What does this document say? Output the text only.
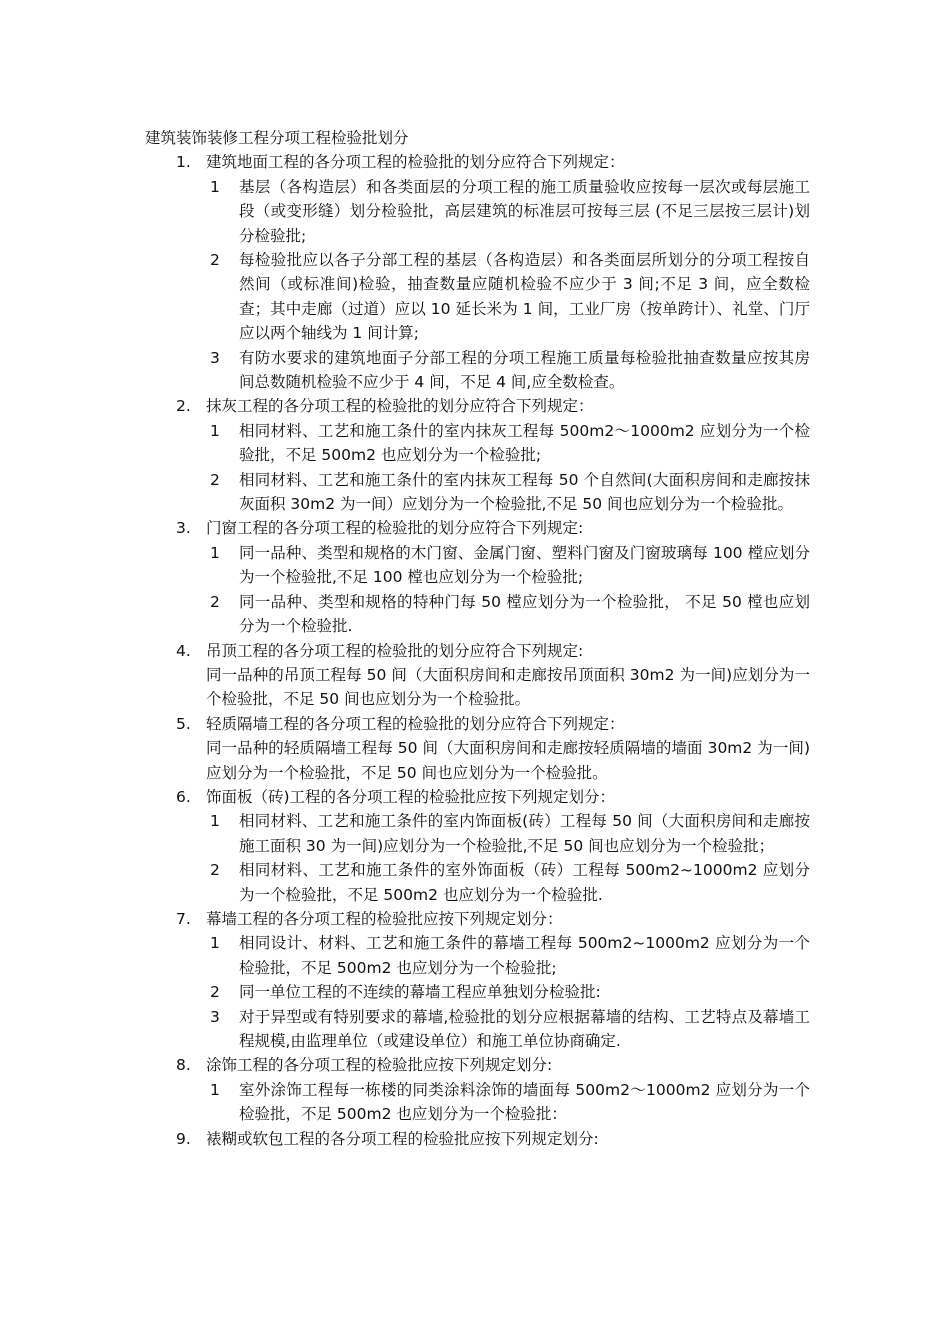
建筑装饰装修工程分项工程检验批划分
1. 建筑地面工程的各分项工程的检验批的划分应符合下列规定：
1	基层（各构造层）和各类面层的分项工程的施工质量验收应按每一层次或每层施工段（或变形缝）划分检验批，高层建筑的标准层可按每三层 (不足三层按三层计)划分检验批;
2	每检验批应以各子分部工程的基层（各构造层）和各类面层所划分的分项工程按自然间（或标准间)检验，抽查数量应随机检验不应少于 3 间;不足 3 间，应全数检查；其中走廊（过道）应以 10 延长米为 1 间，工业厂房（按单跨计）、礼堂、门厅应以两个轴线为 1 间计算;
3	有防水要求的建筑地面子分部工程的分项工程施工质量每检验批抽查数量应按其房间总数随机检验不应少于 4 间，不足 4 间,应全数检查。
2. 抹灰工程的各分项工程的检验批的划分应符合下列规定：
1	相同材料、工艺和施工条什的室内抹灰工程每 500m2～1000m2 应划分为一个检验批，不足 500m2 也应划分为一个检验批;
2	相同材料、工艺和施工条什的室内抹灰工程每 50 个自然间(大面积房间和走廊按抹灰面积 30m2 为一间）应划分为一个检验批,不足 50 间也应划分为一个检验批。
3. 门窗工程的各分项工程的检验批的划分应符合下列规定:
1	同一品种、类型和规格的木门窗、金属门窗、塑料门窗及门窗玻璃每 100 樘应划分为一个检验批,不足 100 樘也应划分为一个检验批;
2	同一品种、类型和规格的特种门每 50 樘应划分为一个检验批， 不足 50 樘也应划分为一个检验批.
4. 吊顶工程的各分项工程的检验批的划分应符合下列规定:
同一品种的吊顶工程每 50 间（大面积房间和走廊按吊顶面积 30m2 为一间)应划分为一个检验批，不足 50 间也应划分为一个检验批。
5. 轻质隔墙工程的各分项工程的检验批的划分应符合下列规定：
同一品种的轻质隔墙工程每 50 间（大面积房间和走廊按轻质隔墙的墙面 30m2 为一间)应划分为一个检验批，不足 50 间也应划分为一个检验批。
6. 饰面板（砖)工程的各分项工程的检验批应按下列规定划分：
1	相同材料、工艺和施工条件的室内饰面板(砖）工程每 50 间（大面积房间和走廊按施工面积 30 为一间)应划分为一个检验批,不足 50 间也应划分为一个检验批；
2	相同材料、工艺和施工条件的室外饰面板（砖）工程每 500m2~1000m2 应划分为一个检验批，不足 500m2 也应划分为一个检验批.
7. 幕墙工程的各分项工程的检验批应按下列规定划分：
1	相同设计、材料、工艺和施工条件的幕墙工程每 500m2~1000m2 应划分为一个检验批，不足 500m2 也应划分为一个检验批;
2	同一单位工程的不连续的幕墙工程应单独划分检验批:
3	对于异型或有特别要求的幕墙,检验批的划分应根据幕墙的结构、工艺特点及幕墙工程规模,由监理单位（或建设单位）和施工单位协商确定.
8. 涂饰工程的各分项工程的检验批应按下列规定划分:
1	室外涂饰工程每一栋楼的同类涂料涂饰的墙面每 500m2～1000m2 应划分为一个检验批，不足 500m2 也应划分为一个检验批：
9. 裱糊或软包工程的各分项工程的检验批应按下列规定划分:
